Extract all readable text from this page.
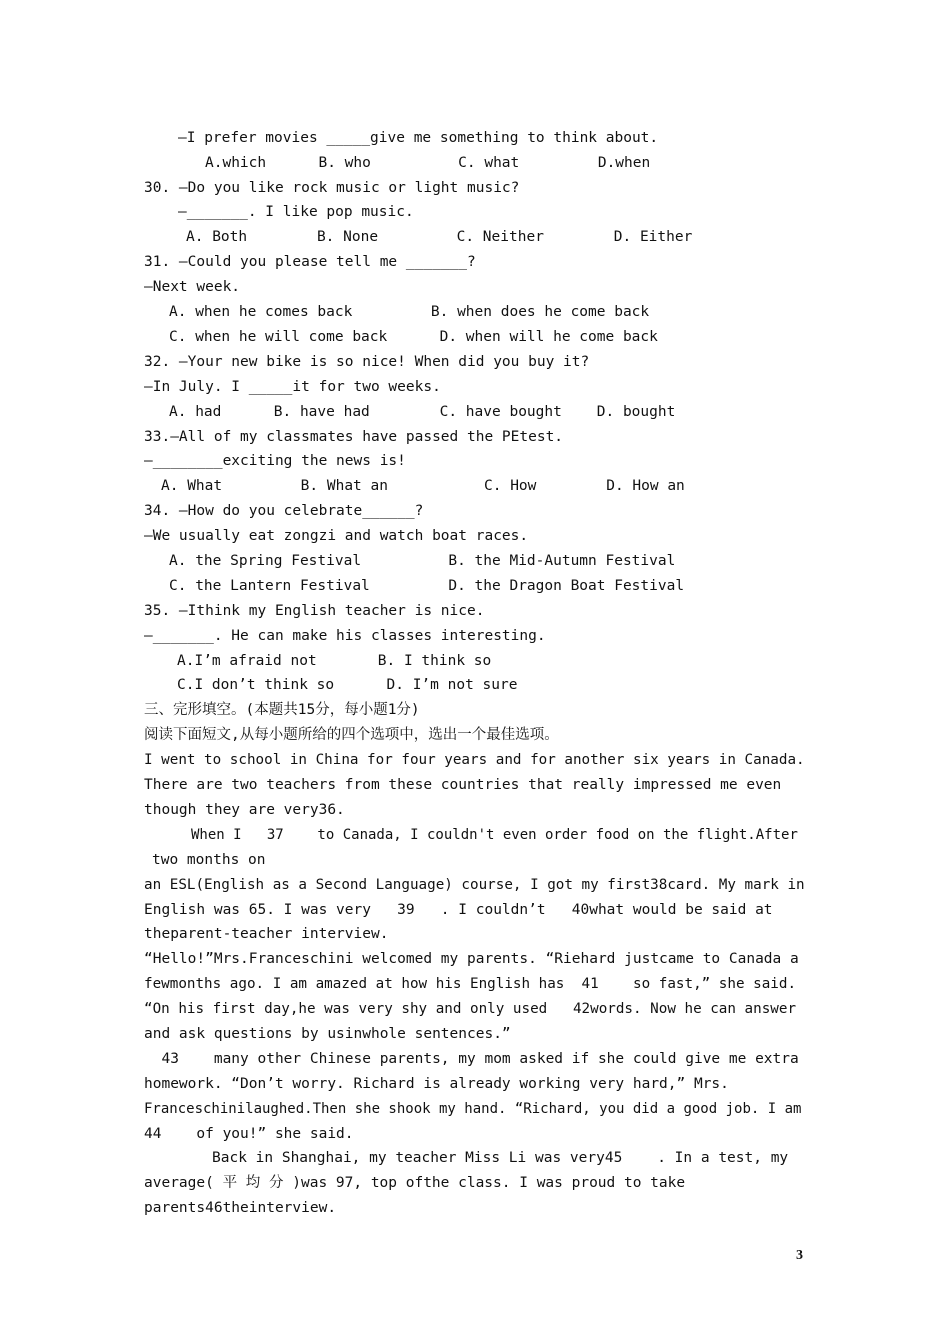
—I prefer movies _____give me something to think about.
A.which      B. who          C. what         D.when
30. —Do you like rock music or light music?
—_______. I like pop music.
A. Both        B. None         C. Neither        D. Either
31. —Could you please tell me _______?
—Next week.
A. when he comes back         B. when does he come back
C. when he will come back      D. when will he come back
32. —Your new bike is so nice! When did you buy it?
—In July. I _____it for two weeks.
A. had      B. have had        C. have bought    D. bought
33.—All of my classmates have passed the PEtest.
—________exciting the news is!
A. What         B. What an           C. How        D. How an
34. —How do you celebrate______?
—We usually eat zongzi and watch boat races.
A. the Spring Festival          B. the Mid-Autumn Festival
C. the Lantern Festival         D. the Dragon Boat Festival
35. —Ithink my English teacher is nice.
—_______. He can make his classes interesting.
A.I’m afraid not       B. I think so
C.I don’t think so      D. I’m not sure
三、完形填空。(本题共15分，每小题1分)
阅读下面短文,从每小题所给的四个选项中，选出一个最佳选项。
I went to school in China for four years and for another six years in Canada.
There are two teachers from these countries that really impressed me even
though they are very36.
When I   37    to Canada, I couldn't even order food on the flight.After
two months on
an ESL(English as a Second Language) course, I got my first38card. My mark in
English was 65. I was very   39   . I couldn’t   40what would be said at
theparent-teacher interview.
“Hello!”Mrs.Franceschini welcomed my parents. “Riehard justcame to Canada a
fewmonths ago. I am amazed at how his English has  41    so fast,” she said.
“On his first day,he was very shy and only used   42words. Now he can answer
and ask questions by usinwhole sentences.”
43    many other Chinese parents, my mom asked if she could give me extra
homework. “Don’t worry. Richard is already working very hard,” Mrs.
Franceschinilaughed.Then she shook my hand. “Richard, you did a good job. I am
44    of you!” she said.
Back in Shanghai, my teacher Miss Li was very45    . In a test, my
average( 平 均 分 )was 97, top ofthe class. I was proud to take
parents46theinterview.
3
